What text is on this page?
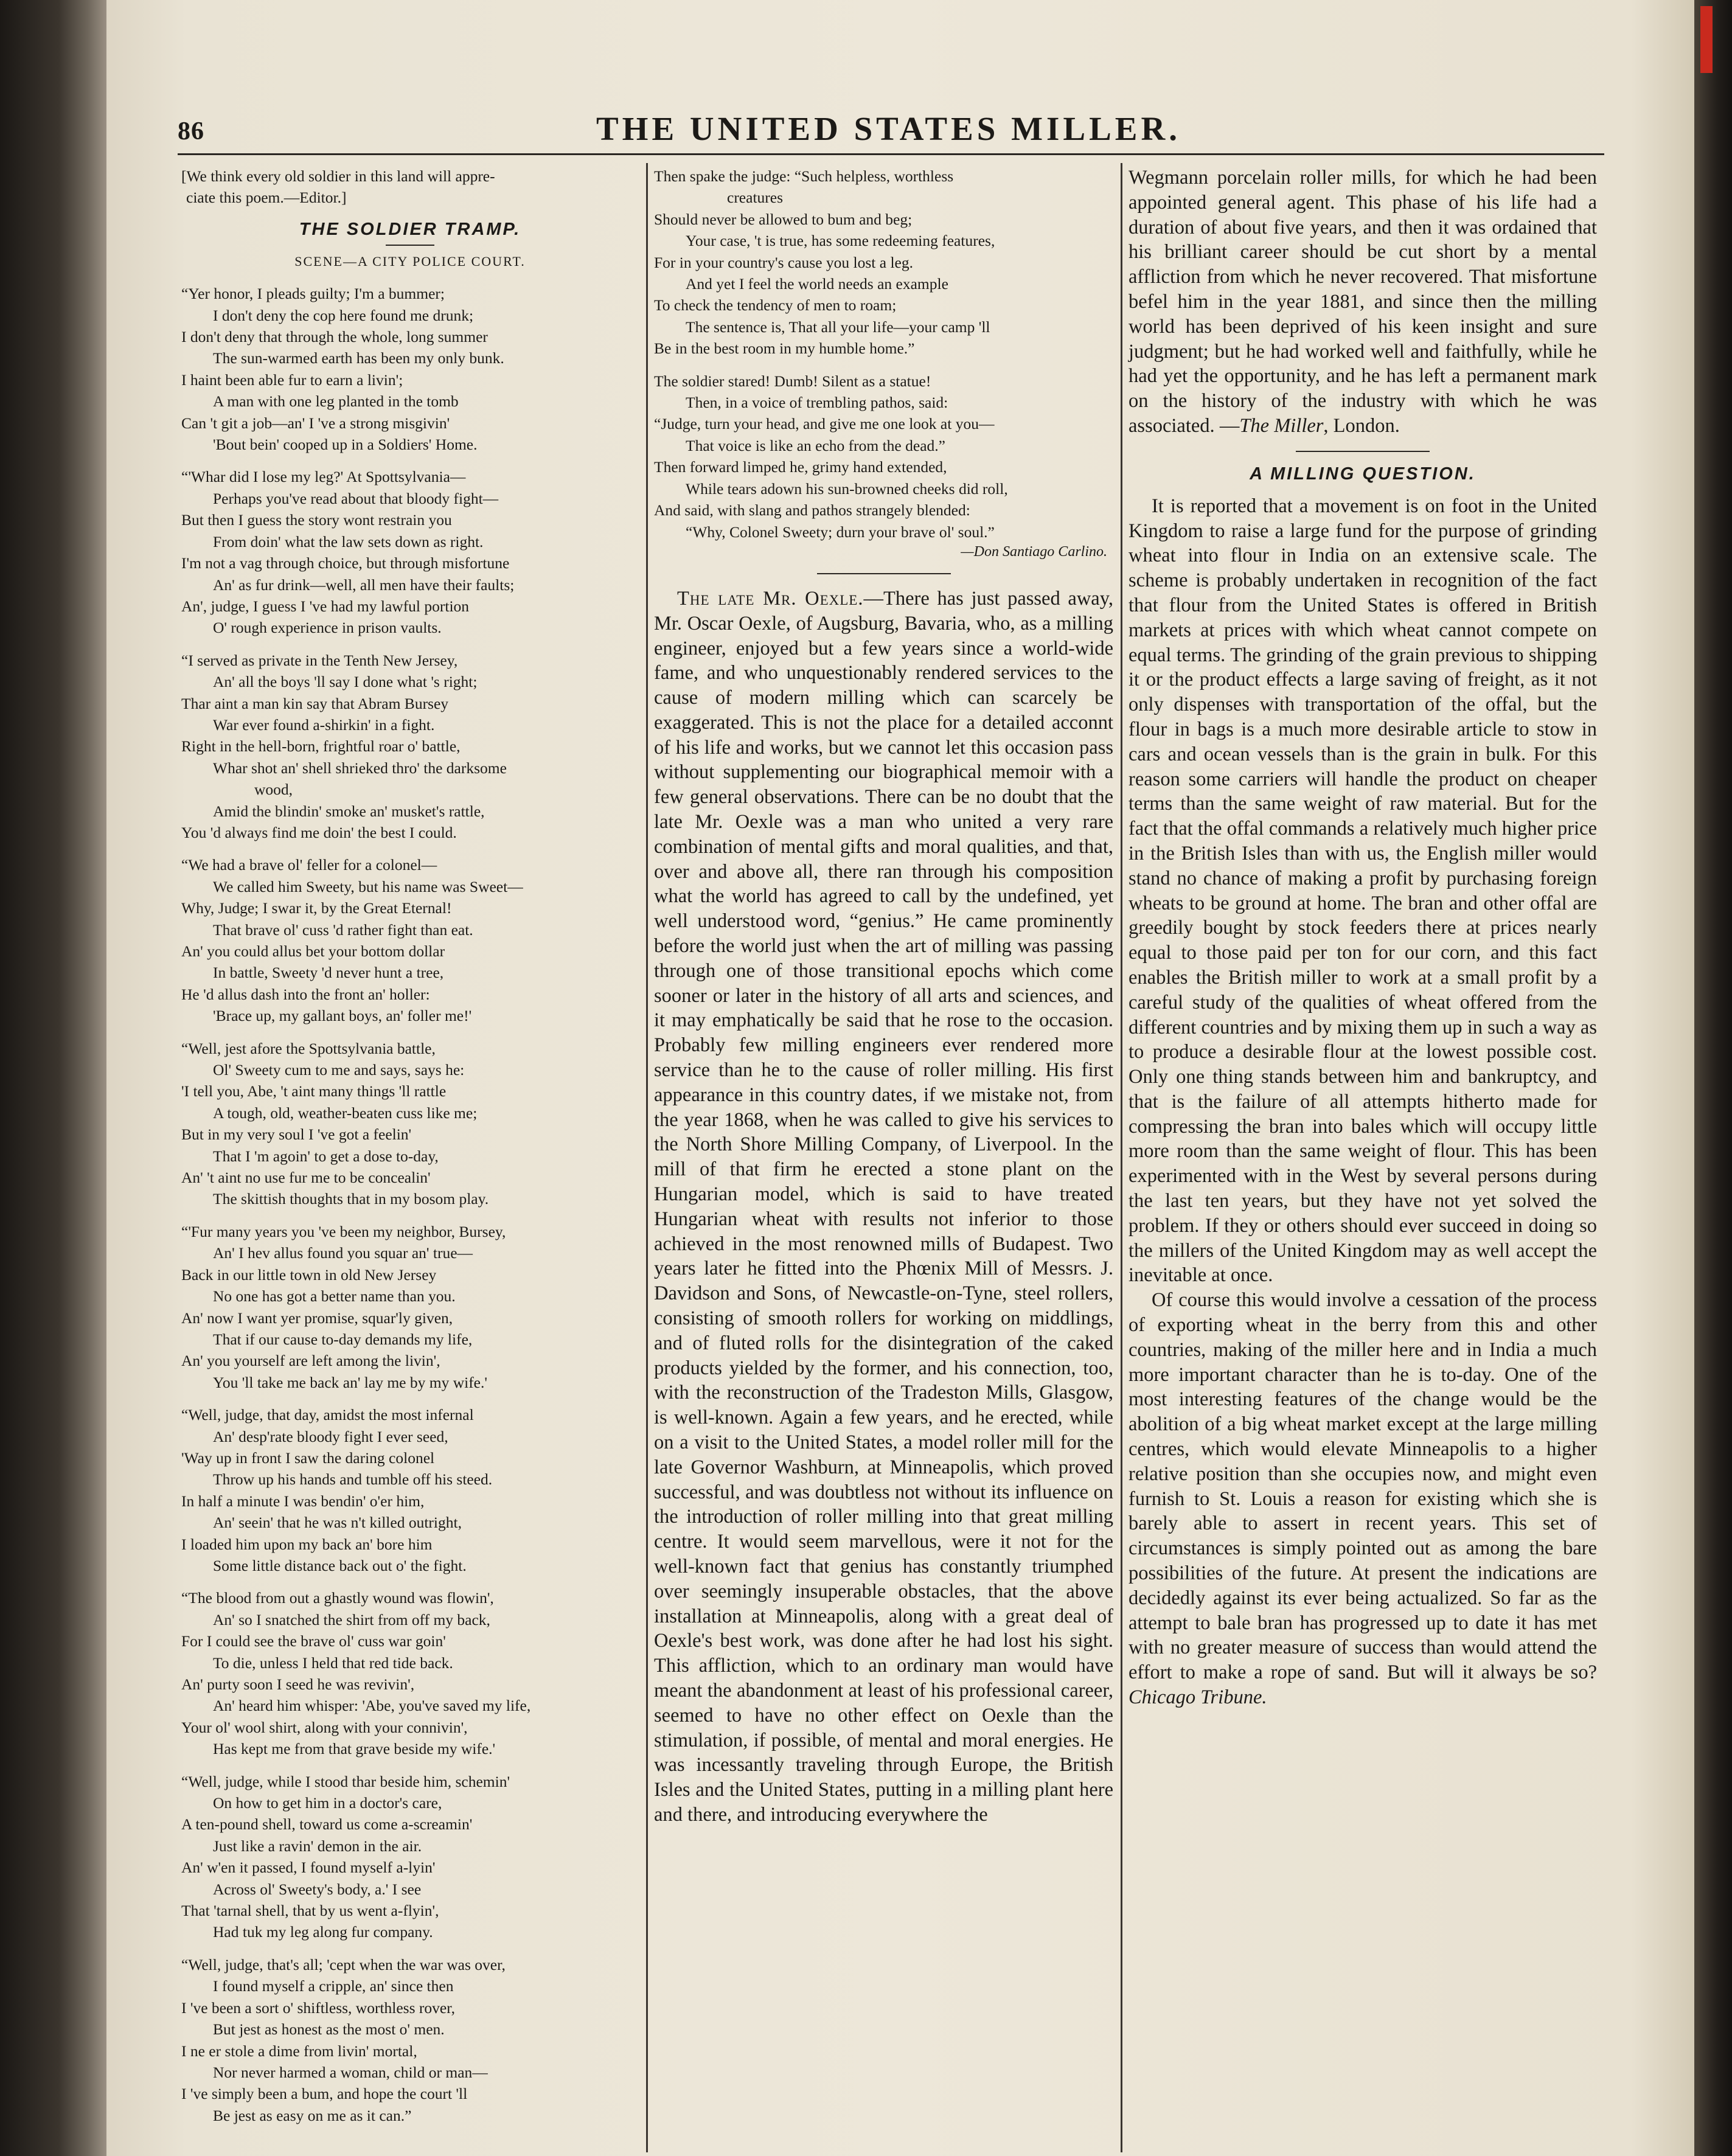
86	THE UNITED STATES MILLER.
[We think every old soldier in this land will appre-
ciate this poem.—Editor.]
THE SOLDIER TRAMP.
SCENE—A CITY POLICE COURT.
“Yer honor, I pleads guilty; I'm a bummer;
I don't deny the cop here found me drunk;
I don't deny that through the whole, long summer
The sun-warmed earth has been my only bunk.
I haint been able fur to earn a livin';
A man with one leg planted in the tomb
Can 't git a job—an' I 've a strong misgivin'
'Bout bein' cooped up in a Soldiers' Home.
“'Whar did I lose my leg?' At Spottsylvania—
Perhaps you've read about that bloody fight—
But then I guess the story wont restrain you
From doin' what the law sets down as right.
I'm not a vag through choice, but through misfortune
An' as fur drink—well, all men have their faults;
An', judge, I guess I 've had my lawful portion
O' rough experience in prison vaults.
“I served as private in the Tenth New Jersey,
An' all the boys 'll say I done what 's right;
Thar aint a man kin say that Abram Bursey
War ever found a-shirkin' in a fight.
Right in the hell-born, frightful roar o' battle,
Whar shot an' shell shrieked thro' the darksome
wood,
Amid the blindin' smoke an' musket's rattle,
You 'd always find me doin' the best I could.
“We had a brave ol' feller for a colonel—
We called him Sweety, but his name was Sweet—
Why, Judge; I swar it, by the Great Eternal!
That brave ol' cuss 'd rather fight than eat.
An' you could allus bet your bottom dollar
In battle, Sweety 'd never hunt a tree,
He 'd allus dash into the front an' holler:
'Brace up, my gallant boys, an' foller me!'
“Well, jest afore the Spottsylvania battle,
Ol' Sweety cum to me and says, says he:
'I tell you, Abe, 't aint many things 'll rattle
A tough, old, weather-beaten cuss like me;
But in my very soul I 've got a feelin'
That I 'm agoin' to get a dose to-day,
An' 't aint no use fur me to be concealin'
The skittish thoughts that in my bosom play.
“'Fur many years you 've been my neighbor, Bursey,
An' I hev allus found you squar an' true—
Back in our little town in old New Jersey
No one has got a better name than you.
An' now I want yer promise, squar'ly given,
That if our cause to-day demands my life,
An' you yourself are left among the livin',
You 'll take me back an' lay me by my wife.'
“Well, judge, that day, amidst the most infernal
An' desp'rate bloody fight I ever seed,
'Way up in front I saw the daring colonel
Throw up his hands and tumble off his steed.
In half a minute I was bendin' o'er him,
An' seein' that he was n't killed outright,
I loaded him upon my back an' bore him
Some little distance back out o' the fight.
“The blood from out a ghastly wound was flowin',
An' so I snatched the shirt from off my back,
For I could see the brave ol' cuss war goin'
To die, unless I held that red tide back.
An' purty soon I seed he was revivin',
An' heard him whisper: 'Abe, you've saved my life,
Your ol' wool shirt, along with your connivin',
Has kept me from that grave beside my wife.'
“Well, judge, while I stood thar beside him, schemin'
On how to get him in a doctor's care,
A ten-pound shell, toward us come a-screamin'
Just like a ravin' demon in the air.
An' w'en it passed, I found myself a-lyin'
Across ol' Sweety's body, a.' I see
That 'tarnal shell, that by us went a-flyin',
Had tuk my leg along fur company.
“Well, judge, that's all; 'cept when the war was over,
I found myself a cripple, an' since then
I 've been a sort o' shiftless, worthless rover,
But jest as honest as the most o' men.
I ne er stole a dime from livin' mortal,
Nor never harmed a woman, child or man—
I 've simply been a bum, and hope the court 'll
Be jest as easy on me as it can.”
Then spake the judge: “Such helpless, worthless
creatures
Should never be allowed to bum and beg;
Your case, 't is true, has some redeeming features,
For in your country's cause you lost a leg.
And yet I feel the world needs an example
To check the tendency of men to roam;
The sentence is, That all your life—your camp 'll
Be in the best room in my humble home.”
The soldier stared! Dumb! Silent as a statue!
Then, in a voice of trembling pathos, said:
“Judge, turn your head, and give me one look at you—
That voice is like an echo from the dead.”
Then forward limped he, grimy hand extended,
While tears adown his sun-browned cheeks did roll,
And said, with slang and pathos strangely blended:
“Why, Colonel Sweety; durn your brave ol' soul.”
—Don Santiago Carlino.

The late Mr. Oexle.—There has just passed away, Mr. Oscar Oexle, of Augsburg, Bavaria, who, as a milling engineer, enjoyed but a few years since a world-wide fame, and who unquestionably rendered services to the cause of modern milling which can scarcely be exaggerated. This is not the place for a detailed acconnt of his life and works, but we cannot let this occasion pass without supplementing our biographical memoir with a few general observations. There can be no doubt that the late Mr. Oexle was a man who united a very rare combination of mental gifts and moral qualities, and that, over and above all, there ran through his composition what the world has agreed to call by the undefined, yet well understood word, “genius.” He came prominently before the world just when the art of milling was passing through one of those transitional epochs which come sooner or later in the history of all arts and sciences, and it may emphatically be said that he rose to the occasion. Probably few milling engineers ever rendered more service than he to the cause of roller milling. His first appearance in this country dates, if we mistake not, from the year 1868, when he was called to give his services to the North Shore Milling Company, of Liverpool. In the mill of that firm he erected a stone plant on the Hungarian model, which is said to have treated Hungarian wheat with results not inferior to those achieved in the most renowned mills of Budapest. Two years later he fitted into the Phœnix Mill of Messrs. J. Davidson and Sons, of Newcastle-on-Tyne, steel rollers, consisting of smooth rollers for working on middlings, and of fluted rolls for the disintegration of the caked products yielded by the former, and his connection, too, with the reconstruction of the Tradeston Mills, Glasgow, is well-known. Again a few years, and he erected, while on a visit to the United States, a model roller mill for the late Governor Washburn, at Minneapolis, which proved successful, and was doubtless not without its influence on the introduction of roller milling into that great milling centre. It would seem marvellous, were it not for the well-known fact that genius has constantly triumphed over seemingly insuperable obstacles, that the above installation at Minneapolis, along with a great deal of Oexle's best work, was done after he had lost his sight. This affliction, which to an ordinary man would have meant the abandonment at least of his professional career, seemed to have no other effect on Oexle than the stimulation, if possible, of mental and moral energies. He was incessantly traveling through Europe, the British Isles and the United States, putting in a milling plant here and there, and introducing everywhere the

Wegmann porcelain roller mills, for which he had been appointed general agent. This phase of his life had a duration of about five years, and then it was ordained that his brilliant career should be cut short by a mental affliction from which he never recovered. That misfortune befel him in the year 1881, and since then the milling world has been deprived of his keen insight and sure judgment; but he had worked well and faithfully, while he had yet the opportunity, and he has left a permanent mark on the history of the industry with which he was associated. —The Miller, London.

A MILLING QUESTION.

It is reported that a movement is on foot in the United Kingdom to raise a large fund for the purpose of grinding wheat into flour in India on an extensive scale. The scheme is probably undertaken in recognition of the fact that flour from the United States is offered in British markets at prices with which wheat cannot compete on equal terms. The grinding of the grain previous to shipping it or the product effects a large saving of freight, as it not only dispenses with transportation of the offal, but the flour in bags is a much more desirable article to stow in cars and ocean vessels than is the grain in bulk. For this reason some carriers will handle the product on cheaper terms than the same weight of raw material. But for the fact that the offal commands a relatively much higher price in the British Isles than with us, the English miller would stand no chance of making a profit by purchasing foreign wheats to be ground at home. The bran and other offal are greedily bought by stock feeders there at prices nearly equal to those paid per ton for our corn, and this fact enables the British miller to work at a small profit by a careful study of the qualities of wheat offered from the different countries and by mixing them up in such a way as to produce a desirable flour at the lowest possible cost. Only one thing stands between him and bankruptcy, and that is the failure of all attempts hitherto made for compressing the bran into bales which will occupy little more room than the same weight of flour. This has been experimented with in the West by several persons during the last ten years, but they have not yet solved the problem. If they or others should ever succeed in doing so the millers of the United Kingdom may as well accept the inevitable at once.

Of course this would involve a cessation of the process of exporting wheat in the berry from this and other countries, making of the miller here and in India a much more important character than he is to-day. One of the most interesting features of the change would be the abolition of a big wheat market except at the large milling centres, which would elevate Minneapolis to a higher relative position than she occupies now, and might even furnish to St. Louis a reason for existing which she is barely able to assert in recent years. This set of circumstances is simply pointed out as among the bare possibilities of the future. At present the indications are decidedly against its ever being actualized. So far as the attempt to bale bran has progressed up to date it has met with no greater measure of success than would attend the effort to make a rope of sand. But will it always be so? Chicago Tribune.
